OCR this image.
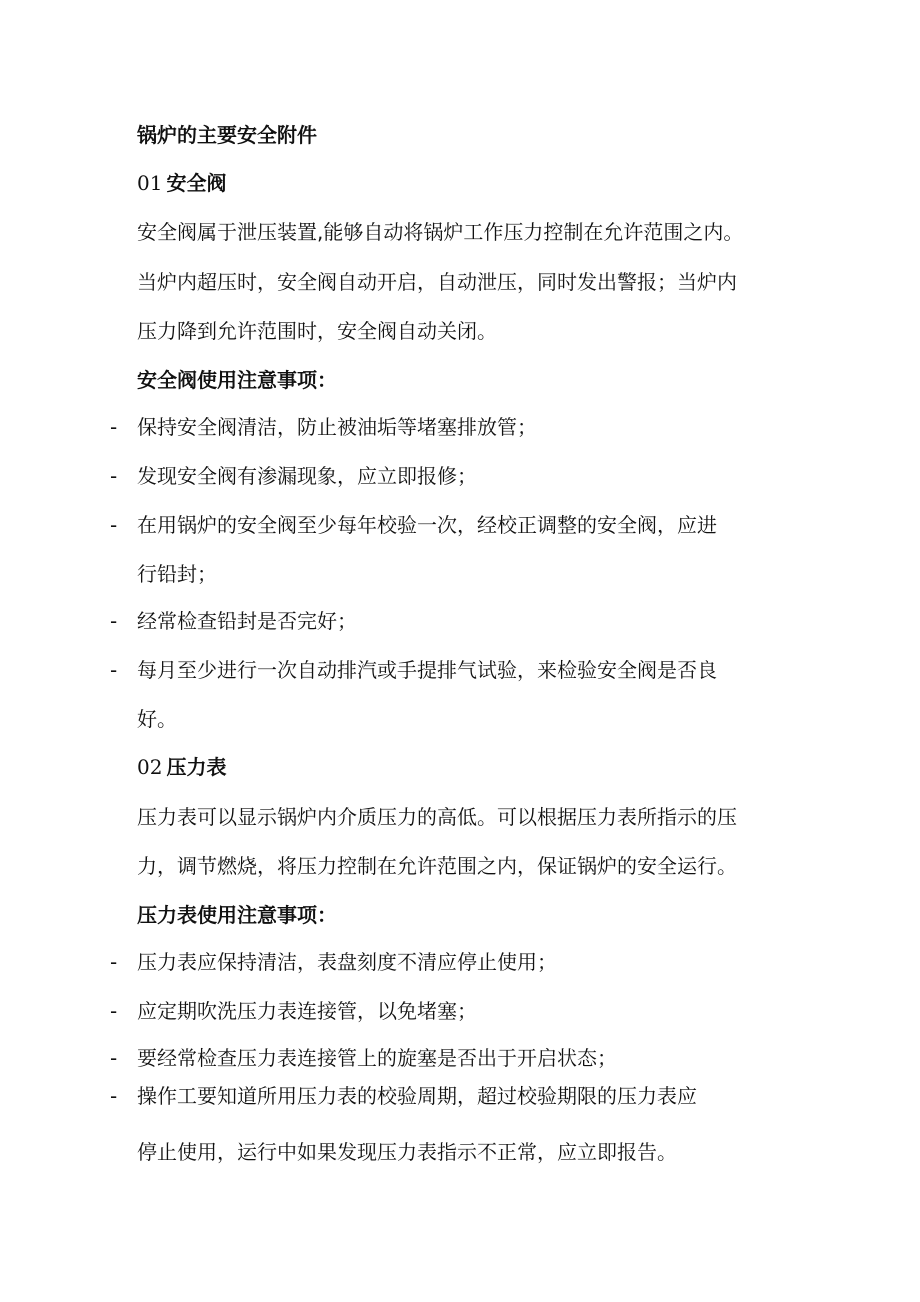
锅炉的主要安全附件
01 安全阀
安全阀属于泄压装置,能够自动将锅炉工作压力控制在允许范围之内。
当炉内超压时，安全阀自动开启，自动泄压，同时发出警报；当炉内
压力降到允许范围时，安全阀自动关闭。
安全阀使用注意事项：
- 保持安全阀清洁，防止被油垢等堵塞排放管；
- 发现安全阀有渗漏现象，应立即报修；
- 在用锅炉的安全阀至少每年校验一次，经校正调整的安全阀，应进
行铅封；
- 经常检查铅封是否完好；
- 每月至少进行一次自动排汽或手提排气试验，来检验安全阀是否良
好。
02 压力表
压力表可以显示锅炉内介质压力的高低。可以根据压力表所指示的压
力，调节燃烧，将压力控制在允许范围之内，保证锅炉的安全运行。
压力表使用注意事项：
- 压力表应保持清洁，表盘刻度不清应停止使用；
- 应定期吹洗压力表连接管，以免堵塞；
- 要经常检查压力表连接管上的旋塞是否出于开启状态；
- 操作工要知道所用压力表的校验周期，超过校验期限的压力表应
停止使用，运行中如果发现压力表指示不正常，应立即报告。
